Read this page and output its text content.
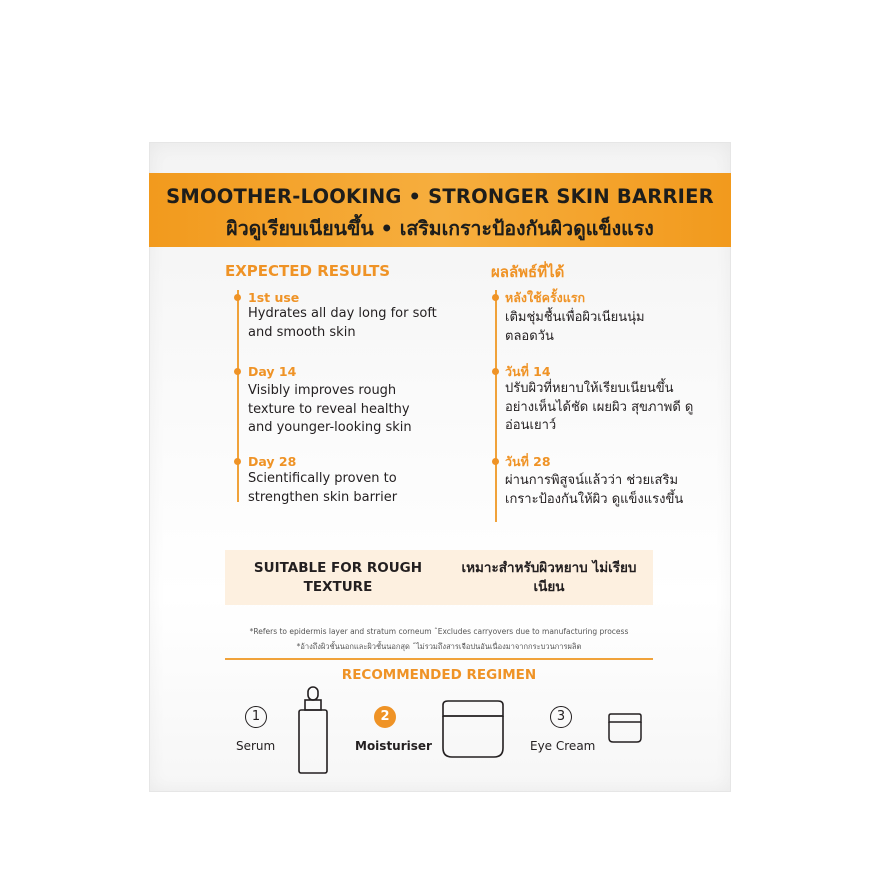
SMOOTHER-LOOKING • STRONGER SKIN BARRIER
ผิวดูเรียบเนียนขึ้น • เสริมเกราะป้องกันผิวดูแข็งแรง
EXPECTED RESULTS
1st use
Hydrates all day long for soft and smooth skin
Day 14
Visibly improves rough texture to reveal healthy and younger-looking skin
Day 28
Scientifically proven to strengthen skin barrier
ผลลัพธ์ที่ได้
หลังใช้ครั้งแรก
เติมชุ่มชื้นเพื่อผิวเนียนนุ่ม ตลอดวัน
วันที่ 14
ปรับผิวที่หยาบให้เรียบเนียนขึ้น อย่างเห็นได้ชัด เผยผิว สุขภาพดี ดูอ่อนเยาว์
วันที่ 28
ผ่านการพิสูจน์แล้วว่า ช่วยเสริมเกราะป้องกันให้ผิว ดูแข็งแรงขึ้น
SUITABLE FOR ROUGH TEXTURE
เหมาะสำหรับผิวหยาบ ไม่เรียบเนียน
*Refers to epidermis layer and stratum corneum ˆExcludes carryovers due to manufacturing process
*อ้างถึงผิวชั้นนอกและผิวชั้นนอกสุด ˆไม่รวมถึงสารเจือปนอันเนื่องมาจากกระบวนการผลิต
RECOMMENDED REGIMEN
1
Serum
2
Moisturiser
3
Eye Cream
